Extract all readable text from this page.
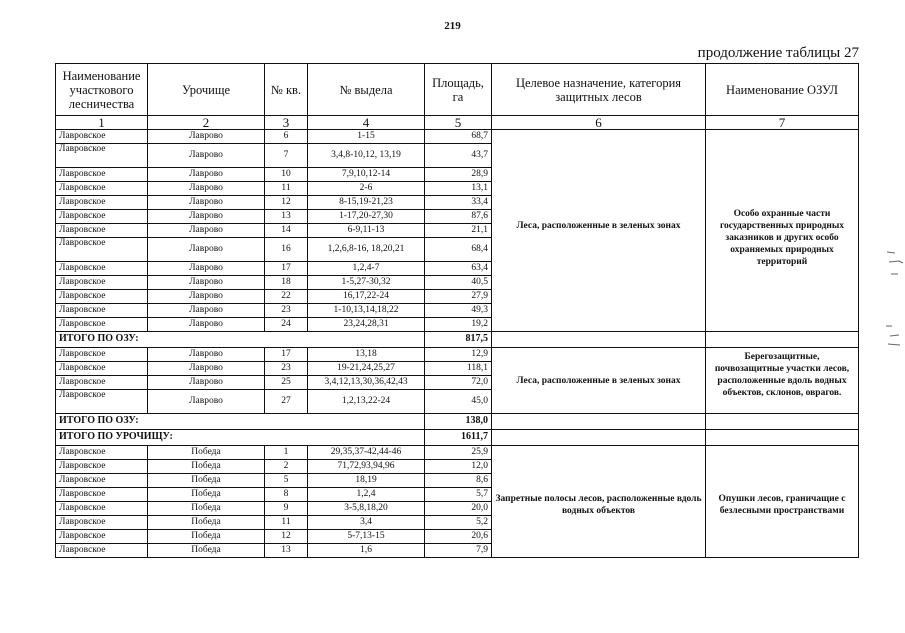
219
продолжение таблицы 27
Наименование участкового лесничества	Урочище	№ кв.	№ выдела	Площадь, га	Целевое назначение, категория защитных лесов	Наименование ОЗУЛ
1	2	3	4	5	6	7
Лавровское	Лаврово	6	1-15	68,7	Леса, расположенные в зеленых зонах	Особо охранные части государственных природных заказников и других особо охраняемых природных территорий
Лавровское	Лаврово	7	3,4,8-10,12, 13,19	43,7		
Лавровское	Лаврово	10	7,9,10,12-14	28,9		
Лавровское	Лаврово	11	2-6	13,1		
Лавровское	Лаврово	12	8-15,19-21,23	33,4		
Лавровское	Лаврово	13	1-17,20-27,30	87,6		
Лавровское	Лаврово	14	6-9,11-13	21,1		
Лавровское	Лаврово	16	1,2,6,8-16, 18,20,21	68,4		
Лавровское	Лаврово	17	1,2,4-7	63,4		
Лавровское	Лаврово	18	1-5,27-30,32	40,5		
Лавровское	Лаврово	22	16,17,22-24	27,9		
Лавровское	Лаврово	23	1-10,13,14,18,22	49,3		
Лавровское	Лаврово	24	23,24,28,31	19,2		
ИТОГО ПО ОЗУ:				817,5		
Лавровское	Лаврово	17	13,18	12,9	Леса, расположенные в зеленых зонах	Берегозащитные, почвозащитные участки лесов, расположенные вдоль водных объектов, склонов, оврагов.
Лавровское	Лаврово	23	19-21,24,25,27	118,1		
Лавровское	Лаврово	25	3,4,12,13,30,36,42,43	72,0		
Лавровское	Лаврово	27	1,2,13,22-24	45,0		
ИТОГО ПО ОЗУ:				138,0		
ИТОГО ПО УРОЧИЩУ:				1611,7		
Лавровское	Победа	1	29,35,37-42,44-46	25,9	Запретные полосы лесов, расположенные вдоль водных объектов	Опушки лесов, граничащие с безлесными пространствами
Лавровское	Победа	2	71,72,93,94,96	12,0		
Лавровское	Победа	5	18,19	8,6		
Лавровское	Победа	8	1,2,4	5,7		
Лавровское	Победа	9	3-5,8,18,20	20,0		
Лавровское	Победа	11	3,4	5,2		
Лавровское	Победа	12	5-7,13-15	20,6		
Лавровское	Победа	13	1,6	7,9		
